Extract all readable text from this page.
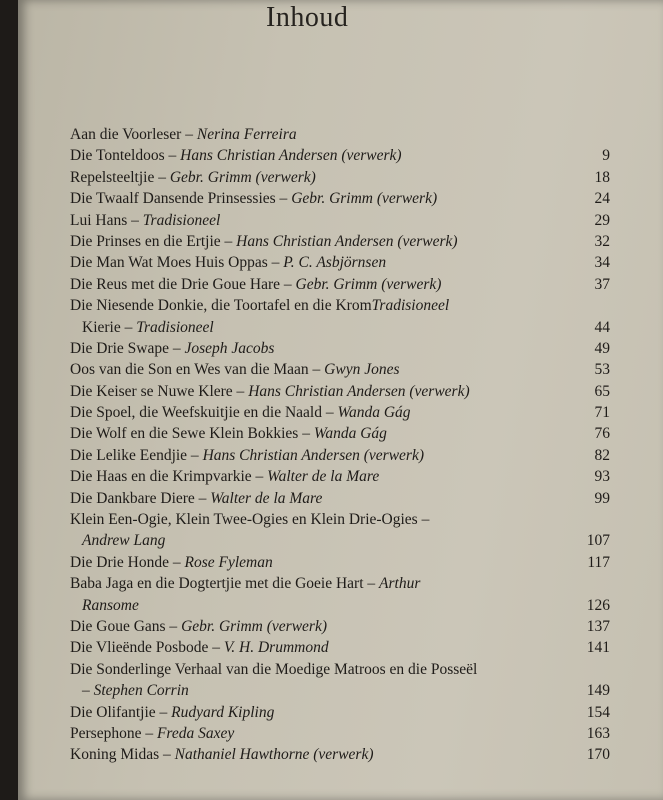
Inhoud
Aan die Voorleser – Nerina Ferreira
Die Tonteldoos – Hans Christian Andersen (verwerk)	9
Repelsteeltjie – Gebr. Grimm (verwerk)	18
Die Twaalf Dansende Prinsessies – Gebr. Grimm (verwerk)	24
Lui Hans – Tradisioneel	29
Die Prinses en die Ertjie – Hans Christian Andersen (verwerk)	32
Die Man Wat Moes Huis Oppas – P. C. Asbjörnsen	34
Die Reus met die Drie Goue Hare – Gebr. Grimm (verwerk)	37
Die Niesende Donkie, die Toortafel en die KromTradisioneel
Kierie – Tradisioneel	44
Die Drie Swape – Joseph Jacobs	49
Oos van die Son en Wes van die Maan – Gwyn Jones	53
Die Keiser se Nuwe Klere – Hans Christian Andersen (verwerk)	65
Die Spoel, die Weefskuitjie en die Naald – Wanda Gág	71
Die Wolf en die Sewe Klein Bokkies – Wanda Gág	76
Die Lelike Eendjie – Hans Christian Andersen (verwerk)	82
Die Haas en die Krimpvarkie – Walter de la Mare	93
Die Dankbare Diere – Walter de la Mare	99
Klein Een-Ogie, Klein Twee-Ogies en Klein Drie-Ogies –
Andrew Lang	107
Die Drie Honde – Rose Fyleman	117
Baba Jaga en die Dogtertjie met die Goeie Hart – Arthur
Ransome	126
Die Goue Gans – Gebr. Grimm (verwerk)	137
Die Vlieënde Posbode – V. H. Drummond	141
Die Sonderlinge Verhaal van die Moedige Matroos en die Posseël
– Stephen Corrin	149
Die Olifantjie – Rudyard Kipling	154
Persephone – Freda Saxey	163
Koning Midas – Nathaniel Hawthorne (verwerk)	170
